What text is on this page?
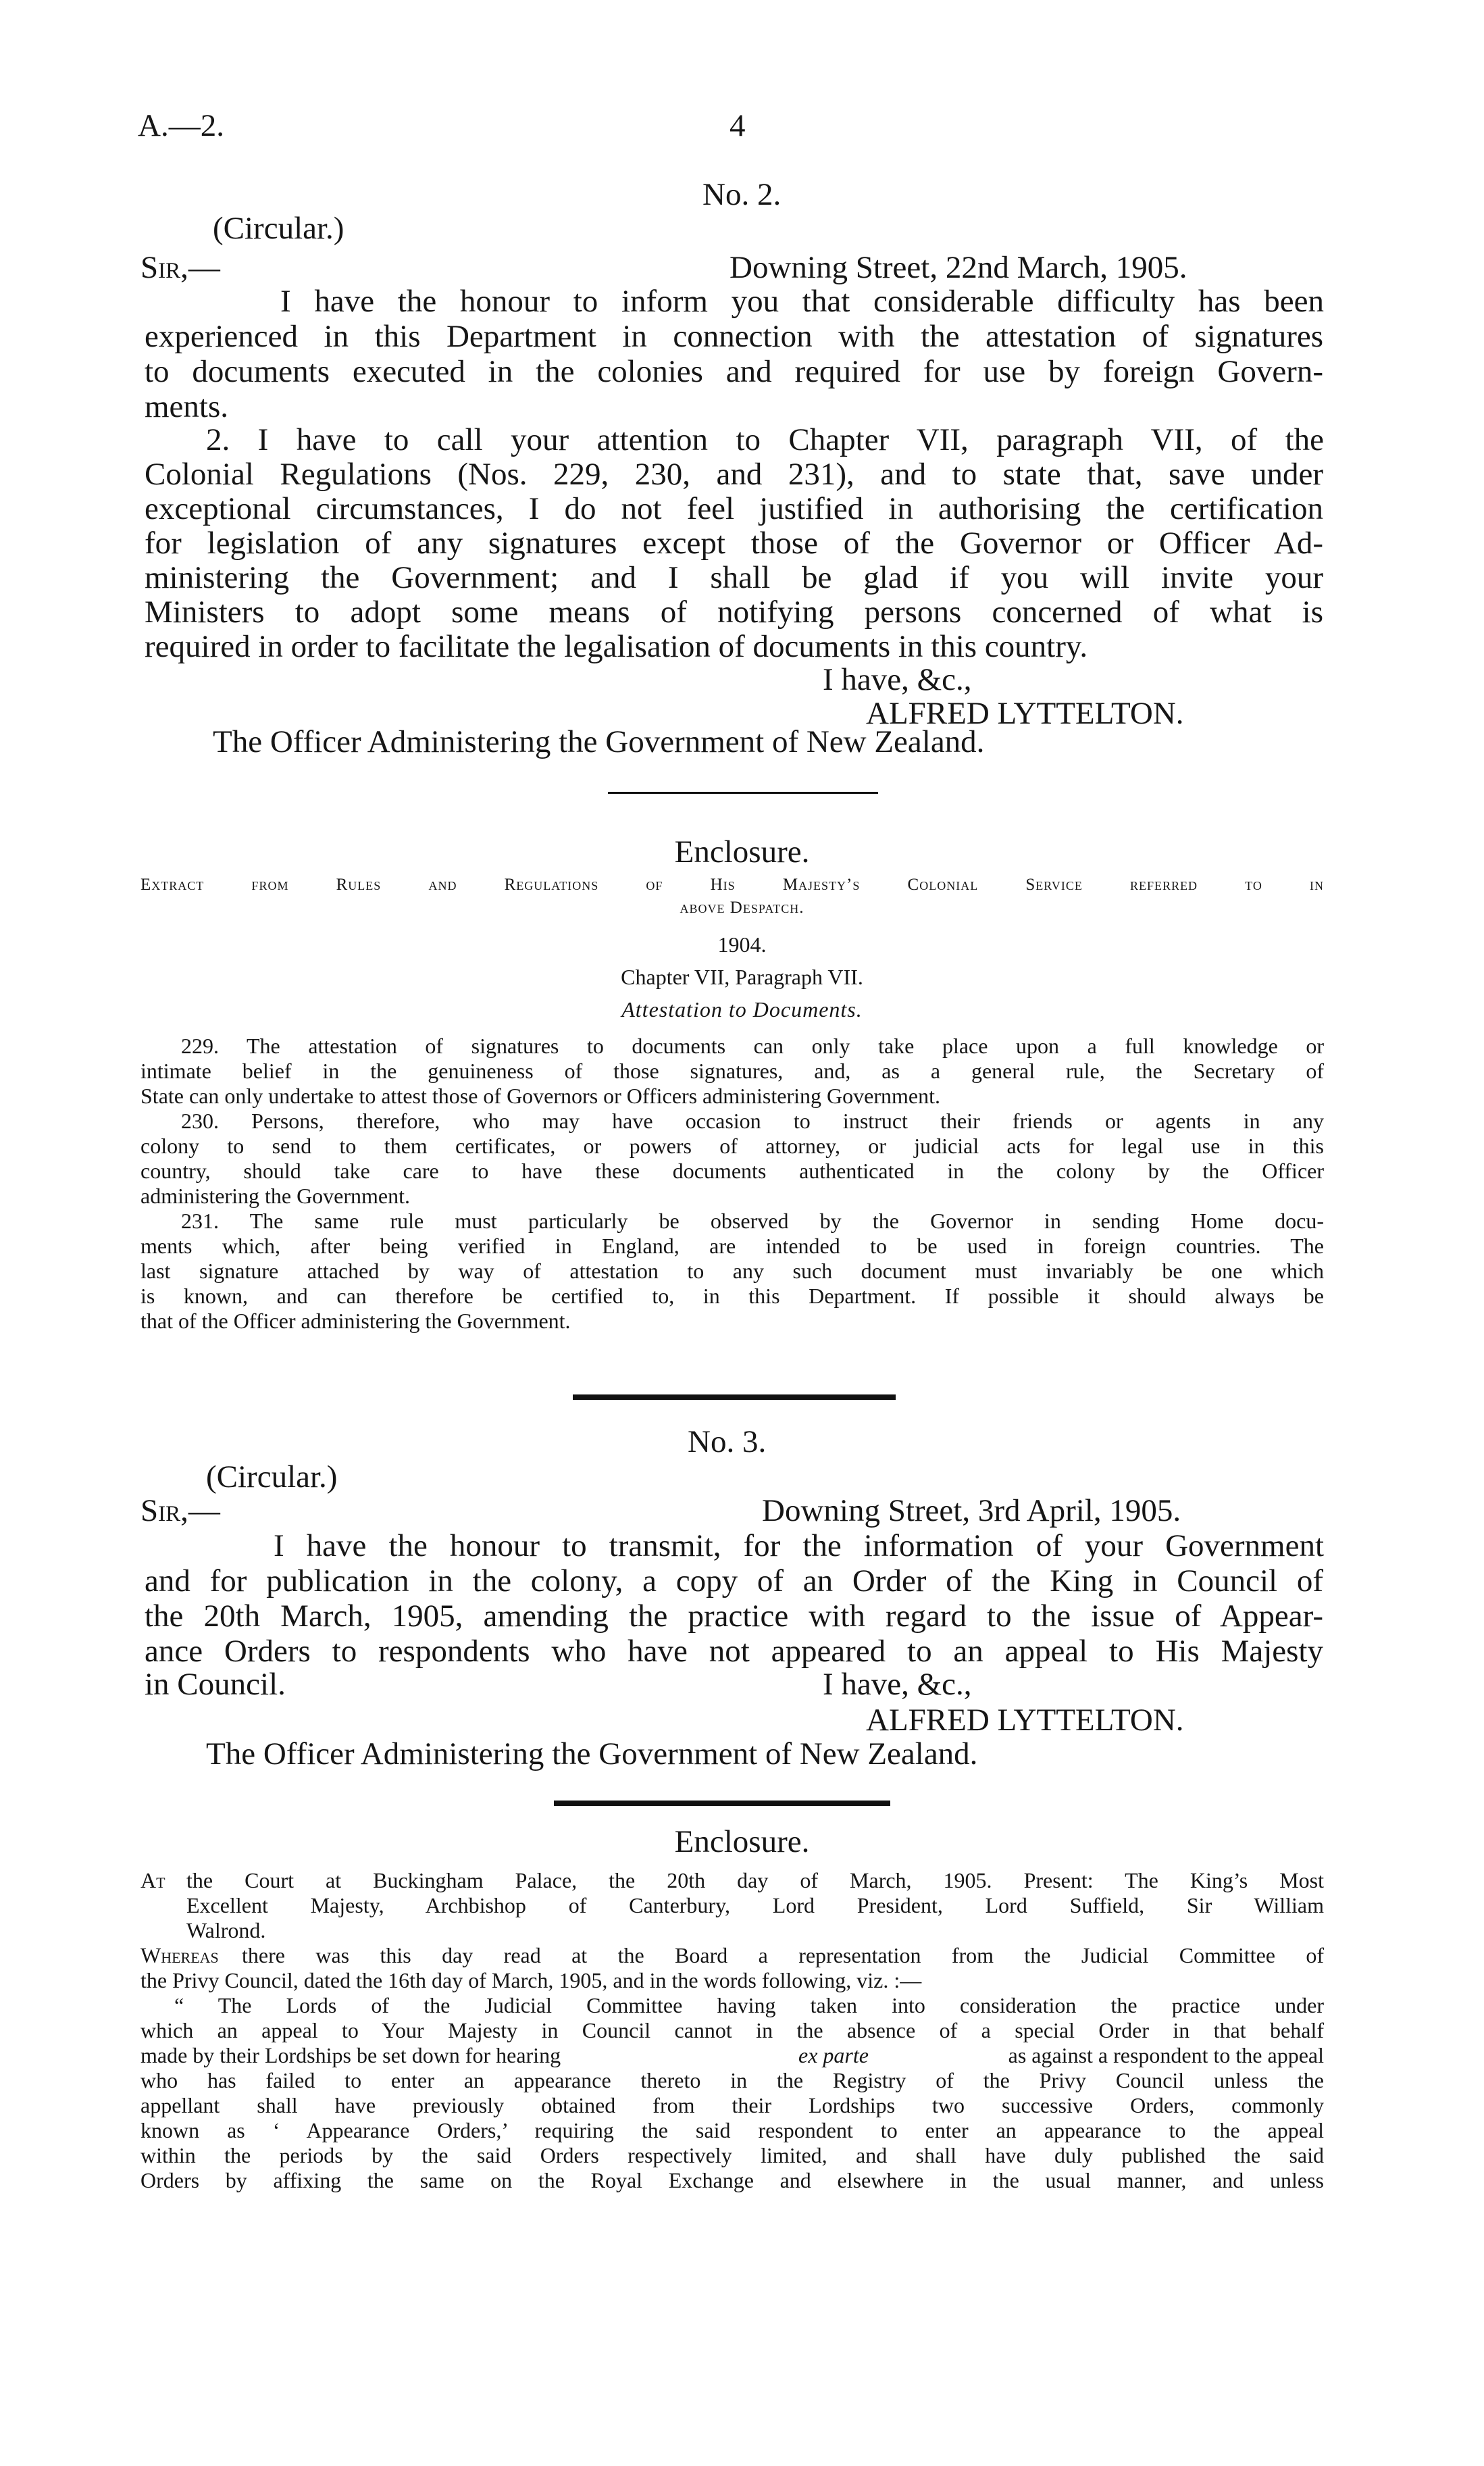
A.—2.	4
No. 2.
(Circular.)
Sir,—	Downing Street, 22nd March, 1905.
I have the honour to inform you that considerable difficulty has been
experienced in this Department in connection with the attestation of signatures
to documents executed in the colonies and required for use by foreign Govern-
ments.
2. I have to call your attention to Chapter VII, paragraph VII, of the
Colonial Regulations (Nos. 229, 230, and 231), and to state that, save under
exceptional circumstances, I do not feel justified in authorising the certification
for legislation of any signatures except those of the Governor or Officer Ad-
ministering the Government; and I shall be glad if you will invite your
Ministers to adopt some means of notifying persons concerned of what is
required in order to facilitate the legalisation of documents in this country.
I have, &c.,
ALFRED LYTTELTON.
The Officer Administering the Government of New Zealand.
Enclosure.
Extract from Rules and Regulations of His Majesty’s Colonial Service referred to in
above Despatch.
1904.
Chapter VII, Paragraph VII.
Attestation to Documents.
229. The attestation of signatures to documents can only take place upon a full knowledge or
intimate belief in the genuineness of those signatures, and, as a general rule, the Secretary of
State can only undertake to attest those of Governors or Officers administering Government.
230. Persons, therefore, who may have occasion to instruct their friends or agents in any
colony to send to them certificates, or powers of attorney, or judicial acts for legal use in this
country, should take care to have these documents authenticated in the colony by the Officer
administering the Government.
231. The same rule must particularly be observed by the Governor in sending Home docu-
ments which, after being verified in England, are intended to be used in foreign countries. The
last signature attached by way of attestation to any such document must invariably be one which
is known, and can therefore be certified to, in this Department. If possible it should always be
that of the Officer administering the Government.
No. 3.
(Circular.)
Sir,—	Downing Street, 3rd April, 1905.
I have the honour to transmit, for the information of your Government
and for publication in the colony, a copy of an Order of the King in Council of
the 20th March, 1905, amending the practice with regard to the issue of Appear-
ance Orders to respondents who have not appeared to an appeal to His Majesty
in Council.	I have, &c.,
ALFRED LYTTELTON.
The Officer Administering the Government of New Zealand.
Enclosure.
At the Court at Buckingham Palace, the 20th day of March, 1905. Present: The King’s Most
Excellent Majesty, Archbishop of Canterbury, Lord President, Lord Suffield, Sir William
Walrond.
Whereas there was this day read at the Board a representation from the Judicial Committee of
the Privy Council, dated the 16th day of March, 1905, and in the words following, viz. :—
“ The Lords of the Judicial Committee having taken into consideration the practice under
which an appeal to Your Majesty in Council cannot in the absence of a special Order in that behalf
made by their Lordships be set down for hearing	ex parte	as against a respondent to the appeal
who has failed to enter an appearance thereto in the Registry of the Privy Council unless the
appellant shall have previously obtained from their Lordships two successive Orders, commonly
known as ‘ Appearance Orders,’ requiring the said respondent to enter an appearance to the appeal
within the periods by the said Orders respectively limited, and shall have duly published the said
Orders by affixing the same on the Royal Exchange and elsewhere in the usual manner, and unless
